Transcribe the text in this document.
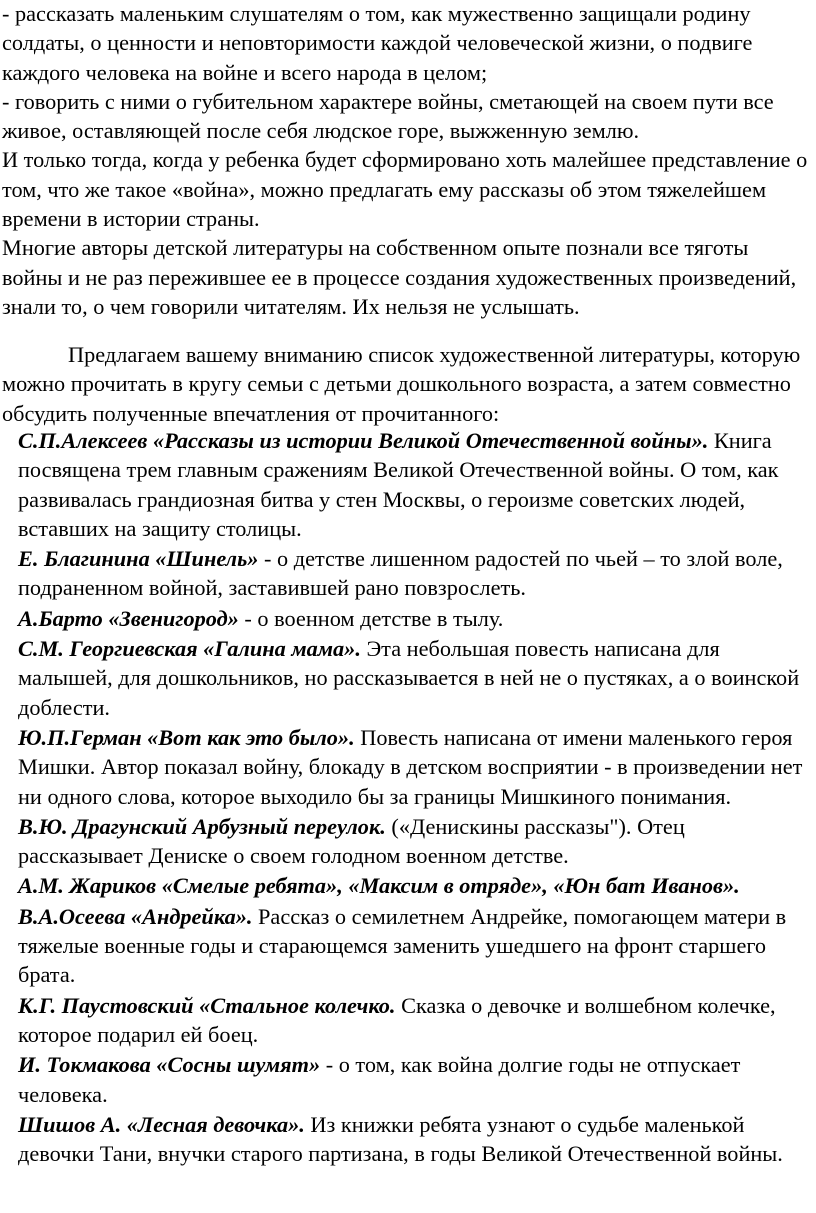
- рассказать маленьким слушателям о том, как мужественно защищали родину солдаты, о ценности и неповторимости каждой человеческой жизни, о подвиге каждого человека на войне и всего народа в целом;

- говорить с ними о губительном характере войны, сметающей на своем пути все живое, оставляющей после себя людское горе, выжженную землю.

И только тогда, когда у ребенка будет сформировано хоть малейшее представление о том, что же такое «война», можно предлагать ему рассказы об этом тяжелейшем времени в истории страны.

Многие авторы детской литературы на собственном опыте познали все тяготы войны и не раз пережившее ее в процессе создания художественных произведений, знали то, о чем говорили читателям. Их нельзя не услышать.

Предлагаем вашему вниманию список художественной литературы, которую можно прочитать в кругу семьи с детьми дошкольного возраста, а затем совместно обсудить полученные впечатления от прочитанного:

С.П.Алексеев «Рассказы из истории Великой Отечественной войны». Книга посвящена трем главным сражениям Великой Отечественной войны. О том, как развивалась грандиозная битва у стен Москвы, о героизме советских людей, вставших на защиту столицы.

Е. Благинина «Шинель» - о детстве лишенном радостей по чьей – то злой воле, подраненном войной, заставившей рано повзрослеть.

А.Барто «Звенигород» - о военном детстве в тылу.

С.М. Георгиевская «Галина мама». Эта небольшая повесть написана для малышей, для дошкольников, но рассказывается в ней не о пустяках, а о воинской доблести.

Ю.П.Герман «Вот как это было». Повесть написана от имени маленького героя Мишки. Автор показал войну, блокаду в детском восприятии - в произведении нет ни одного слова, которое выходило бы за границы Мишкиного понимания.

В.Ю. Драгунский Арбузный переулок. («Денискины рассказы"). Отец рассказывает Дениске о своем голодном военном детстве.

А.М. Жариков «Смелые ребята», «Максим в отряде», «Юн бат Иванов».

В.А.Осеева «Андрейка». Рассказ о семилетнем Андрейке, помогающем матери в тяжелые военные годы и старающемся заменить ушедшего на фронт старшего брата.

К.Г. Паустовский «Стальное колечко. Сказка о девочке и волшебном колечке, которое подарил ей боец.

И. Токмакова «Сосны шумят» - о том, как война долгие годы не отпускает человека.

Шишов А. «Лесная девочка». Из книжки ребята узнают о судьбе маленькой девочки Тани, внучки старого партизана, в годы Великой Отечественной войны.
